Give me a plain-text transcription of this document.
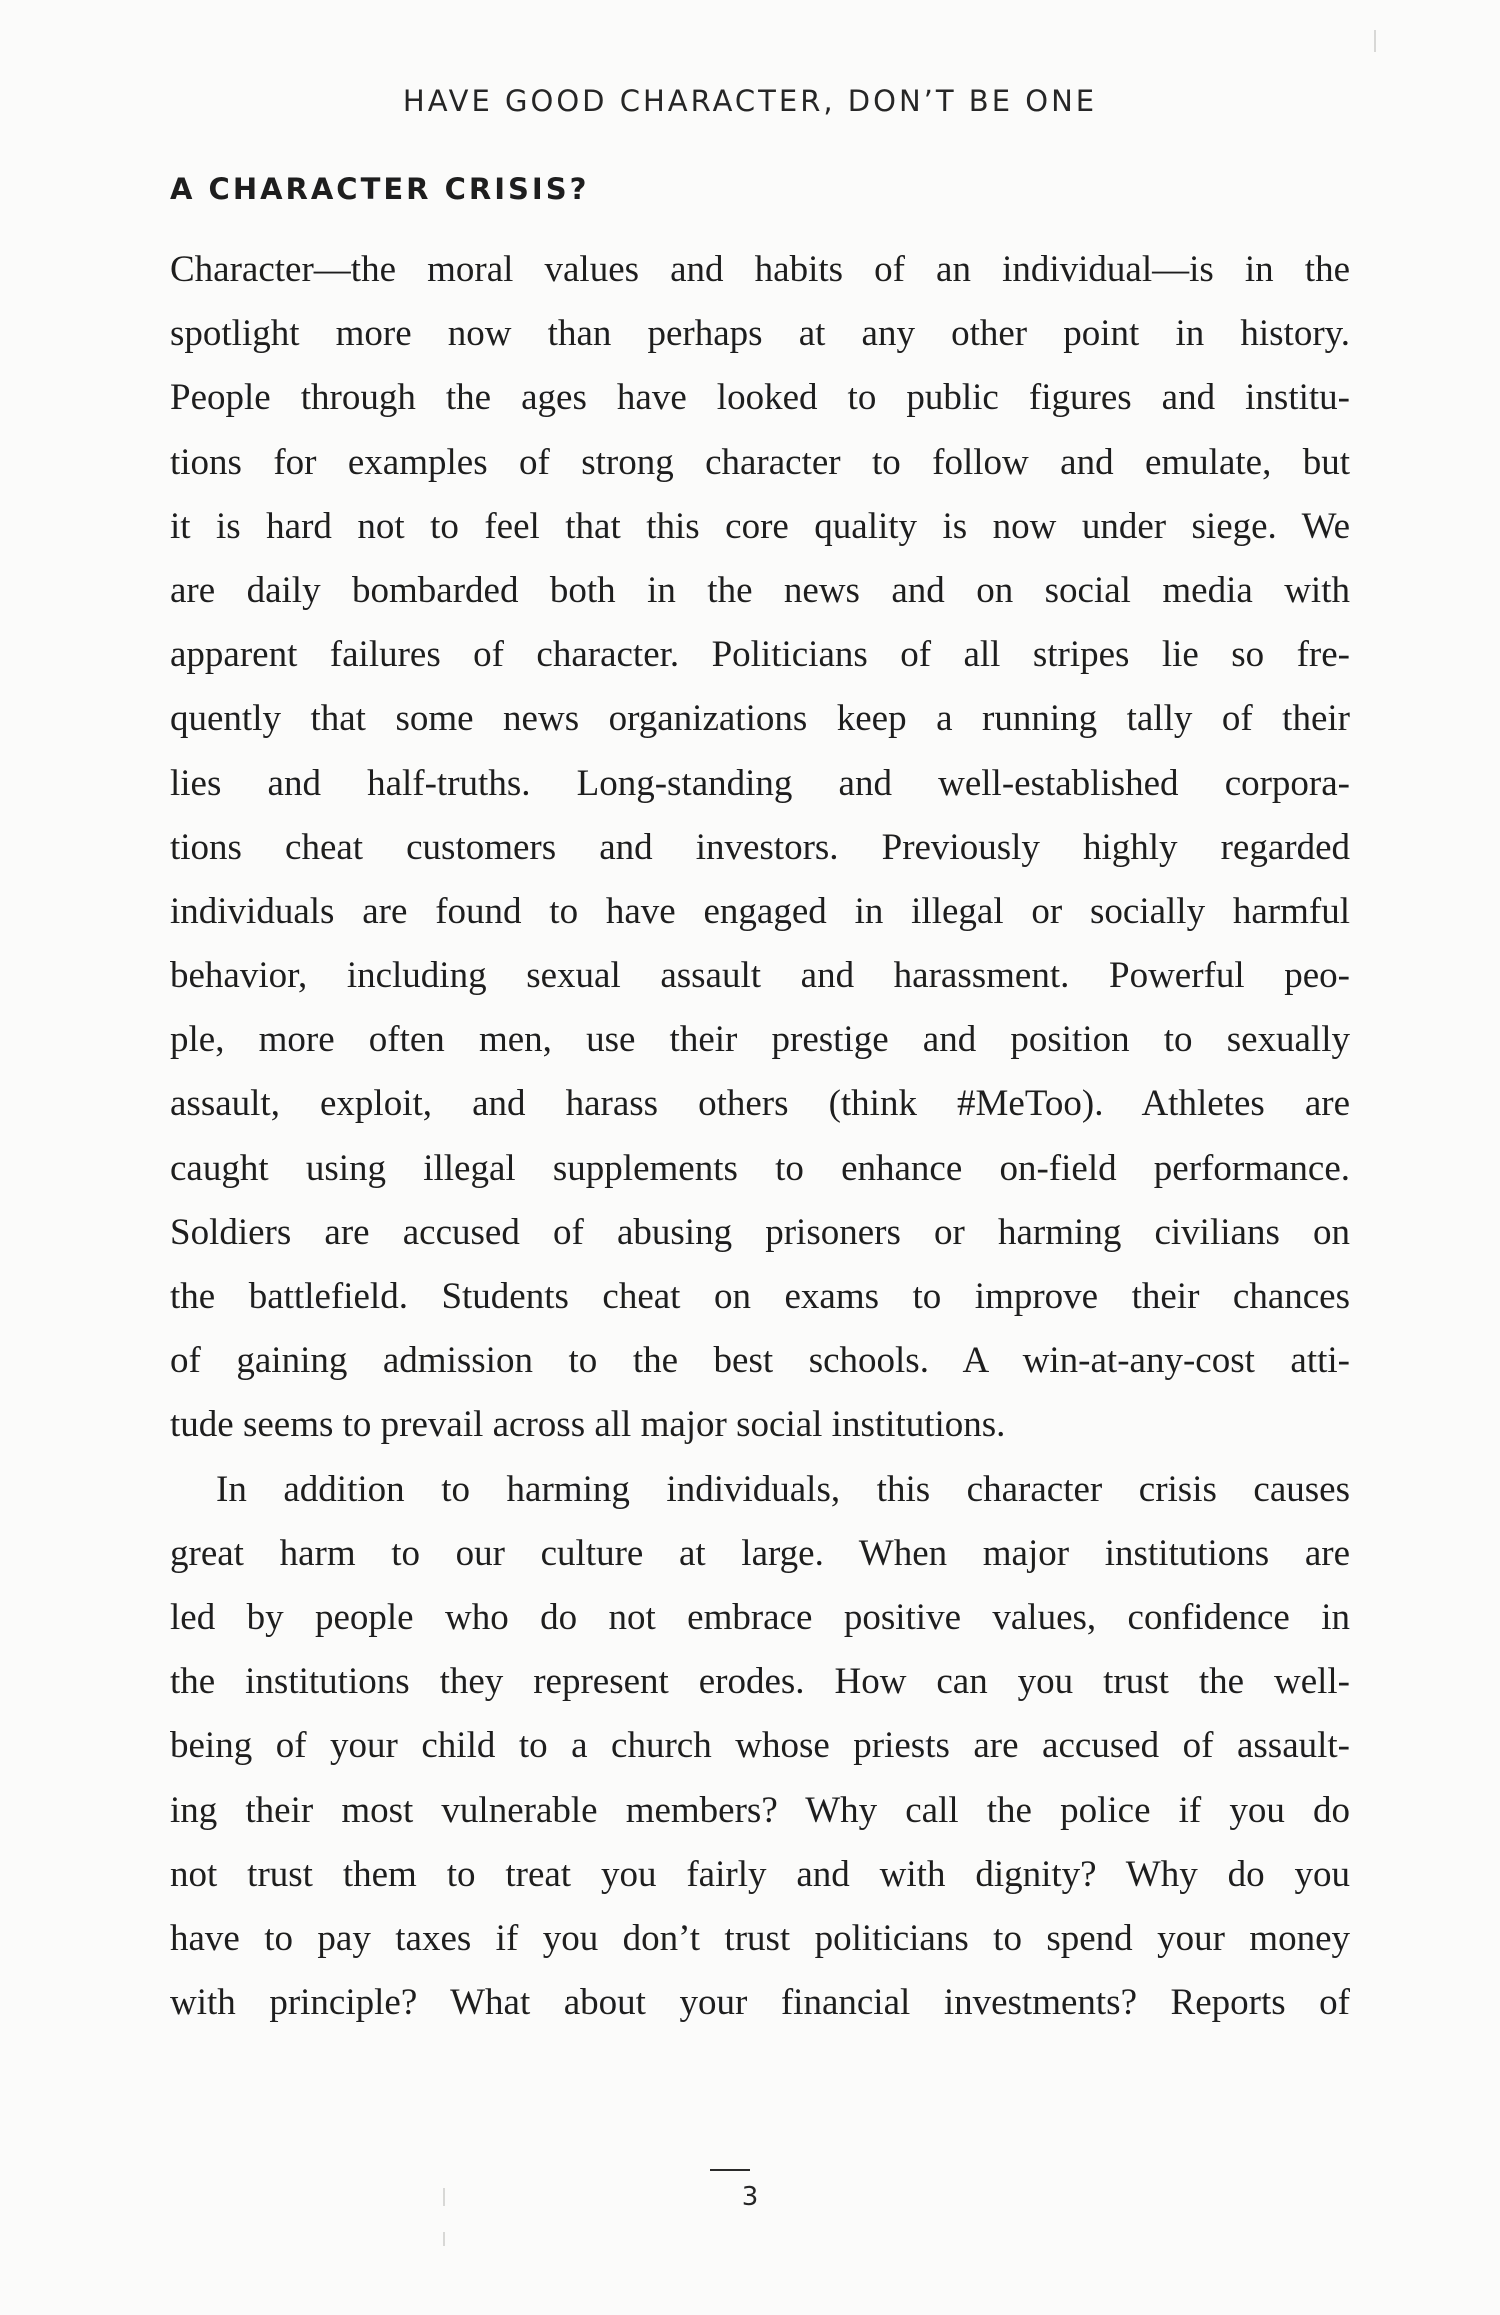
HAVE GOOD CHARACTER, DON’T BE ONE
A CHARACTER CRISIS?
Character—the moral values and habits of an individual—is in the
spotlight more now than perhaps at any other point in history.
People through the ages have looked to public figures and institu-
tions for examples of strong character to follow and emulate, but
it is hard not to feel that this core quality is now under siege. We
are daily bombarded both in the news and on social media with
apparent failures of character. Politicians of all stripes lie so fre-
quently that some news organizations keep a running tally of their
lies and half-truths. Long-standing and well-established corpora-
tions cheat customers and investors. Previously highly regarded
individuals are found to have engaged in illegal or socially harmful
behavior, including sexual assault and harassment. Powerful peo-
ple, more often men, use their prestige and position to sexually
assault, exploit, and harass others (think #MeToo). Athletes are
caught using illegal supplements to enhance on-field performance.
Soldiers are accused of abusing prisoners or harming civilians on
the battlefield. Students cheat on exams to improve their chances
of gaining admission to the best schools. A win-at-any-cost atti-
tude seems to prevail across all major social institutions.
In addition to harming individuals, this character crisis causes
great harm to our culture at large. When major institutions are
led by people who do not embrace positive values, confidence in
the institutions they represent erodes. How can you trust the well-
being of your child to a church whose priests are accused of assault-
ing their most vulnerable members? Why call the police if you do
not trust them to treat you fairly and with dignity? Why do you
have to pay taxes if you don’t trust politicians to spend your money
with principle? What about your financial investments? Reports of
3
